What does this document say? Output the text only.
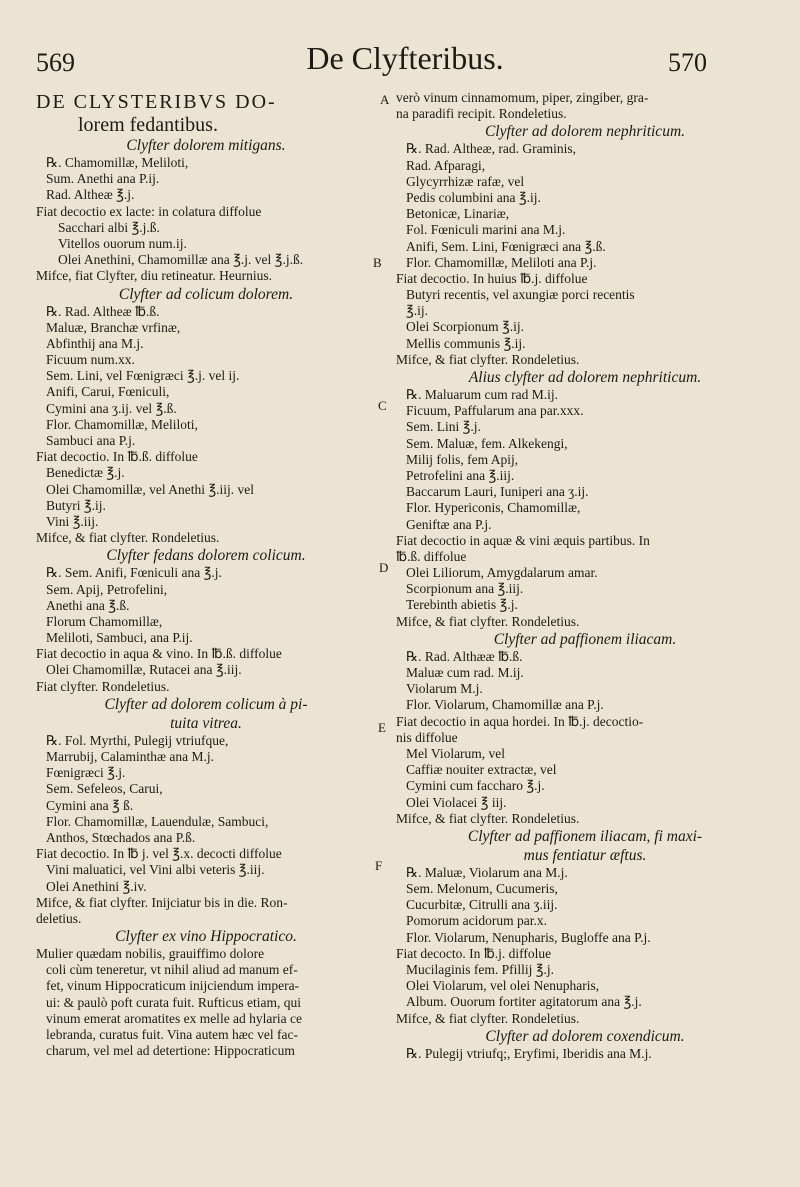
569	De Clyfteribus.	570
A
B
C
D
E
F
DE CLYSTERIBVS DO-
lorem fedantibus.
Clyfter dolorem mitigans.
℞. Chamomillæ, Meliloti,
Sum. Anethi ana P.ij.
Rad. Altheæ ℥.j.
Fiat decoctio ex lacte: in colatura diffolue
Sacchari albi ℥.j.ß.
Vitellos ouorum num.ij.
Olei Anethini, Chamomillæ ana ℥.j. vel ℥.j.ß.
Mifce, fiat Clyfter, diu retineatur. Heurnius.
Clyfter ad colicum dolorem.
℞. Rad. Altheæ ℔.ß.
Maluæ, Branchæ vrfinæ,
Abfinthij ana M.j.
Ficuum num.xx.
Sem. Lini, vel Fœnigræci ℥.j. vel ij.
Anifi, Carui, Fœniculi,
Cymini ana ʒ.ij. vel ℥.ß.
Flor. Chamomillæ, Meliloti,
Sambuci ana P.j.
Fiat decoctio. In ℔.ß. diffolue
Benedictæ ℥.j.
Olei Chamomillæ, vel Anethi ℥.iij. vel
Butyri ℥.ij.
Vini ℥.iij.
Mifce, & fiat clyfter. Rondeletius.
Clyfter fedans dolorem colicum.
℞. Sem. Anifi, Fœniculi ana ℥.j.
Sem. Apij, Petrofelini,
Anethi ana ℥.ß.
Florum Chamomillæ,
Meliloti, Sambuci, ana P.ij.
Fiat decoctio in aqua & vino. In ℔.ß. diffolue
Olei Chamomillæ, Rutacei ana ℥.iij.
Fiat clyfter. Rondeletius.
Clyfter ad dolorem colicum à pi-
tuita vitrea.
℞. Fol. Myrthi, Pulegij vtriufque,
Marrubij, Calaminthæ ana M.j.
Fœnigræci ℥.j.
Sem. Sefeleos, Carui,
Cymini ana ℥ ß.
Flor. Chamomillæ, Lauendulæ, Sambuci,
Anthos, Stœchados ana P.ß.
Fiat decoctio. In ℔ j. vel ℥.x. decocti diffolue
Vini maluatici, vel Vini albi veteris ℥.iij.
Olei Anethini ℥.iv.
Mifce, & fiat clyfter. Inijciatur bis in die. Ron-
deletius.
Clyfter ex vino Hippocratico.
Mulier quædam nobilis, grauiffimo dolore
coli cùm teneretur, vt nihil aliud ad manum ef-
fet, vinum Hippocraticum inijciendum impera-
ui: & paulò poft curata fuit. Rufticus etiam, qui
vinum emerat aromatites ex melle ad hylaria ce
lebranda, curatus fuit. Vina autem hæc vel fac-
charum, vel mel ad detertione: Hippocraticum
verò vinum cinnamomum, piper, zingiber, gra-
na paradifi recipit. Rondeletius.
Clyfter ad dolorem nephriticum.
℞. Rad. Altheæ, rad. Graminis,
Rad. Afparagi,
Glycyrrhizæ rafæ, vel
Pedis columbini ana ℥.ij.
Betonicæ, Linariæ,
Fol. Fœniculi marini ana M.j.
Anifi, Sem. Lini, Fœnigræci ana ℥.ß.
Flor. Chamomillæ, Meliloti ana P.j.
Fiat decoctio. In huius ℔.j. diffolue
Butyri recentis, vel axungiæ porci recentis
℥.ij.
Olei Scorpionum ℥.ij.
Mellis communis ℥.ij.
Mifce, & fiat clyfter. Rondeletius.
Alius clyfter ad dolorem nephriticum.
℞. Maluarum cum rad M.ij.
Ficuum, Paffularum ana par.xxx.
Sem. Lini ℥.j.
Sem. Maluæ, fem. Alkekengi,
Milij folis, fem Apij,
Petrofelini ana ℥.iij.
Baccarum Lauri, Iuniperi ana ʒ.ij.
Flor. Hypericonis, Chamomillæ,
Geniftæ ana P.j.
Fiat decoctio in aquæ & vini æquis partibus. In
℔.ß. diffolue
Olei Liliorum, Amygdalarum amar.
Scorpionum ana ℥.iij.
Terebinth abietis ℥.j.
Mifce, & fiat clyfter. Rondeletius.
Clyfter ad paffionem iliacam.
℞. Rad. Althææ ℔.ß.
Maluæ cum rad. M.ij.
Violarum M.j.
Flor. Violarum, Chamomillæ ana P.j.
Fiat decoctio in aqua hordei. In ℔.j. decoctio-
nis diffolue
Mel Violarum, vel
Caffiæ nouiter extractæ, vel
Cymini cum faccharo ℥.j.
Olei Violacei ℥ iij.
Mifce, & fiat clyfter. Rondeletius.
Clyfter ad paffionem iliacam, fi maxi-
mus fentiatur æftus.
℞. Maluæ, Violarum ana M.j.
Sem. Melonum, Cucumeris,
Cucurbitæ, Citrulli ana ʒ.iij.
Pomorum acidorum par.x.
Flor. Violarum, Nenupharis, Bugloffe ana P.j.
Fiat decocto. In ℔.j. diffolue
Mucilaginis fem. Pfillij ℥.j.
Olei Violarum, vel olei Nenupharis,
Album. Ouorum fortiter agitatorum ana ℥.j.
Mifce, & fiat clyfter. Rondeletius.
Clyfter ad dolorem coxendicum.
℞. Pulegij vtriufq;, Eryfimi, Iberidis ana M.j.
